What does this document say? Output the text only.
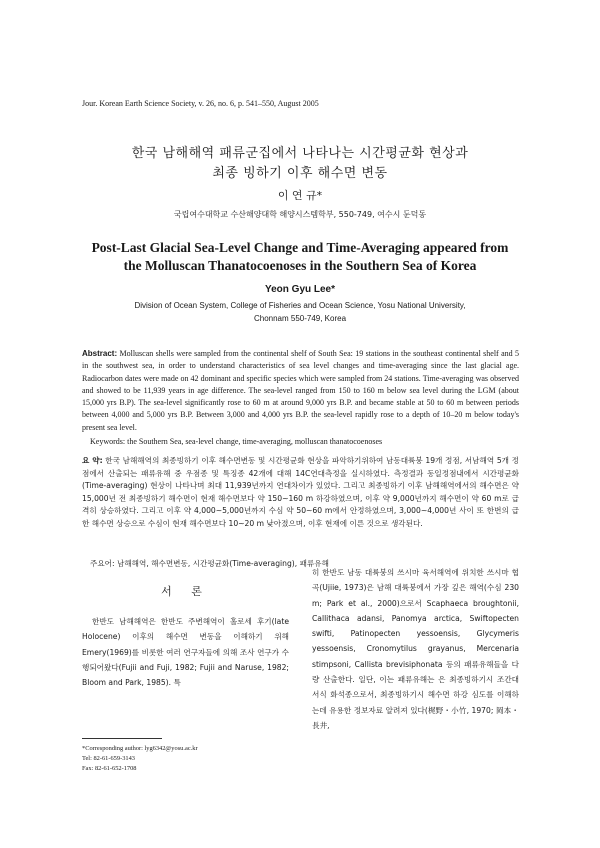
Jour. Korean Earth Science Society, v. 26, no. 6, p. 541–550, August 2005
한국 남해해역 패류군집에서 나타나는 시간평균화 현상과
최종 빙하기 이후 해수면 변동
이 연 규*
국립여수대학교 수산해양대학 해양시스템학부, 550-749, 여수시 둔덕동
Post-Last Glacial Sea-Level Change and Time-Averaging appeared from
the Molluscan Thanatocoenoses in the Southern Sea of Korea
Yeon Gyu Lee*
Division of Ocean System, College of Fisheries and Ocean Science, Yosu National University,
Chonnam 550-749, Korea
Abstract: Molluscan shells were sampled from the continental shelf of South Sea: 19 stations in the southeast continental shelf and 5 in the southwest sea, in order to understand characteristics of sea level changes and time-averaging since the last glacial age. Radiocarbon dates were made on 42 dominant and specific species which were sampled from 24 stations. Time-averaging was observed and showed to be 11,939 years in age difference. The sea-level ranged from 150 to 160 m below sea level during the LGM (about 15,000 yrs B.P). The sea-level significantly rose to 60 m at around 9,000 yrs B.P. and became stable at 50 to 60 m between periods between 4,000 and 5,000 yrs B.P. Between 3,000 and 4,000 yrs B.P. the sea-level rapidly rose to a depth of 10–20 m below today's present sea level.
Keywords: the Southern Sea, sea-level change, time-averaging, molluscan thanatocoenoses
요 약: 한국 남해해역의 최종빙하기 이후 해수면변동 및 시간평균화 현상을 파악하기위하여 남동대륙붕 19개 정점, 서남해역 5개 정점에서 산출되는 패류유해 중 우점종 및 특징종 42개에 대해 14C연대측정을 실시하였다. 측정결과 동일정점내에서 시간평균화(Time-averaging) 현상이 나타나며 최대 11,939년까지 연대차이가 있었다. 그리고 최종빙하기 이후 남해해역에서의 해수면은 약 15,000년 전 최종빙하기 해수면이 현재 해수면보다 약 150~160 m 하강하였으며, 이후 약 9,000년까지 해수면이 약 60 m로 급격히 상승하였다. 그리고 이후 약 4,000~5,000년까지 수심 약 50~60 m에서 안정하였으며, 3,000~4,000년 사이 또 한번의 급한 해수면 상승으로 수심이 현재 해수면보다 10~20 m 낮아졌으며, 이후 현재에 이른 것으로 생각된다.
주요어: 남해해역, 해수면변동, 시간평균화(Time-averaging), 패류유해
서 론
한반도 남해해역은 한반도 주변해역이 홀로세 후기(late Holocene) 이후의 해수면 변동을 이해하기 위해 Emery(1969)를 비롯한 여러 연구자들에 의해 조사 연구가 수행되어왔다(Fujii and Fuji, 1982; Fujii and Naruse, 1982; Bloom and Park, 1985). 특
*Corresponding author: lyg6342@yosu.ac.kr
Tel: 82-61-659-3143
Fax: 82-61-652-1708
히 한반도 남동 대륙붕의 쓰시마 육서해역에 위치한 쓰시마 협곡(Ujiie, 1973)은 남해 대륙붕에서 가장 깊은 해역(수심 230 m; Park et al., 2000)으로서 Scaphaeca broughtonii, Callithaca adansi, Panomya arctica, Swiftopecten swifti, Patinopecten yessoensis, Glycymeris yessoensis, Cronomytilus grayanus, Mercenaria stimpsoni, Callista brevisiphonata 등의 패류유해들을 다량 산출한다. 일단, 이는 패류유해는 은 최종빙하기시 조간대 서식 화석종으로서, 최종빙하기시 해수면 하강 심도를 이해하는데 유용한 정보자료 알려져 있다(梶野・小竹, 1970; 岡本・長井,
